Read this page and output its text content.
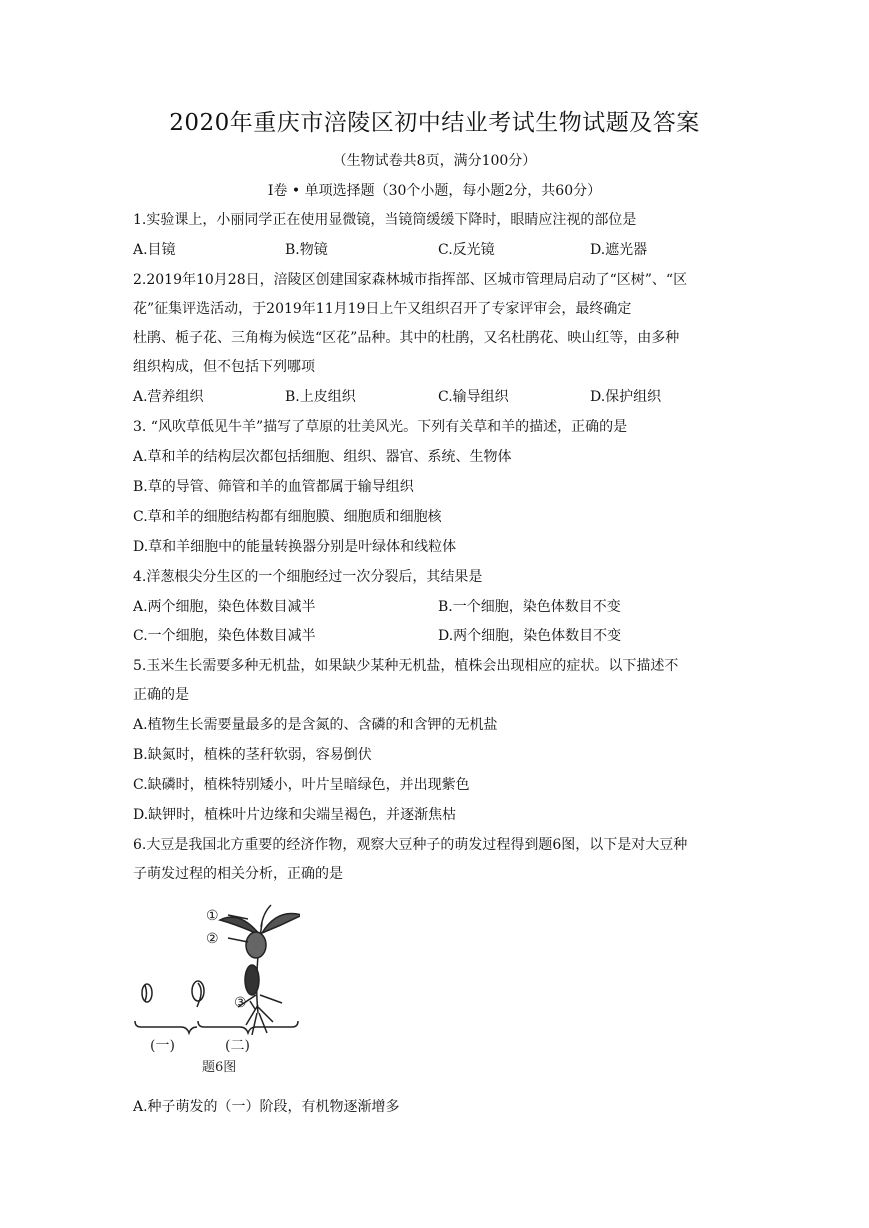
2020年重庆市涪陵区初中结业考试生物试题及答案
（生物试卷共8页，满分100分）
I卷 • 单项选择题（30个小题，每小题2分，共60分）
1.实验课上，小丽同学正在使用显微镜，当镜筒缓缓下降时，眼睛应注视的部位是
A.目镜	B.物镜	C.反光镜	D.遮光器
2.2019年10月28日，涪陵区创建国家森林城市指挥部、区城市管理局启动了“区树”、“区
花”征集评选活动，于2019年11月19日上午又组织召开了专家评审会，最终确定
杜鹃、栀子花、三角梅为候选“区花”品种。其中的杜鹃，又名杜鹃花、映山红等，由多种
组织构成，但不包括下列哪项
A.营养组织	B.上皮组织	C.输导组织	D.保护组织
3. “风吹草低见牛羊”描写了草原的壮美风光。下列有关草和羊的描述，正确的是
A.草和羊的结构层次都包括细胞、组织、器官、系统、生物体
B.草的导管、筛管和羊的血管都属于输导组织
C.草和羊的细胞结构都有细胞膜、细胞质和细胞核
D.草和羊细胞中的能量转换器分别是叶绿体和线粒体
4.洋葱根尖分生区的一个细胞经过一次分裂后，其结果是
A.两个细胞，染色体数目减半	B.一个细胞，染色体数目不变
C.一个细胞，染色体数目减半	D.两个细胞，染色体数目不变
5.玉米生长需要多种无机盐，如果缺少某种无机盐，植株会出现相应的症状。以下描述不
正确的是
A.植物生长需要量最多的是含氮的、含磷的和含钾的无机盐
B.缺氮时，植株的茎秆软弱，容易倒伏
C.缺磷时，植株特别矮小，叶片呈暗绿色，并出现紫色
D.缺钾时，植株叶片边缘和尖端呈褐色，并逐渐焦枯
6.大豆是我国北方重要的经济作物，观察大豆种子的萌发过程得到题6图，以下是对大豆种
子萌发过程的相关分析，正确的是
①
②
③
(一)	(二)
题6图
A.种子萌发的（一）阶段，有机物逐渐增多
